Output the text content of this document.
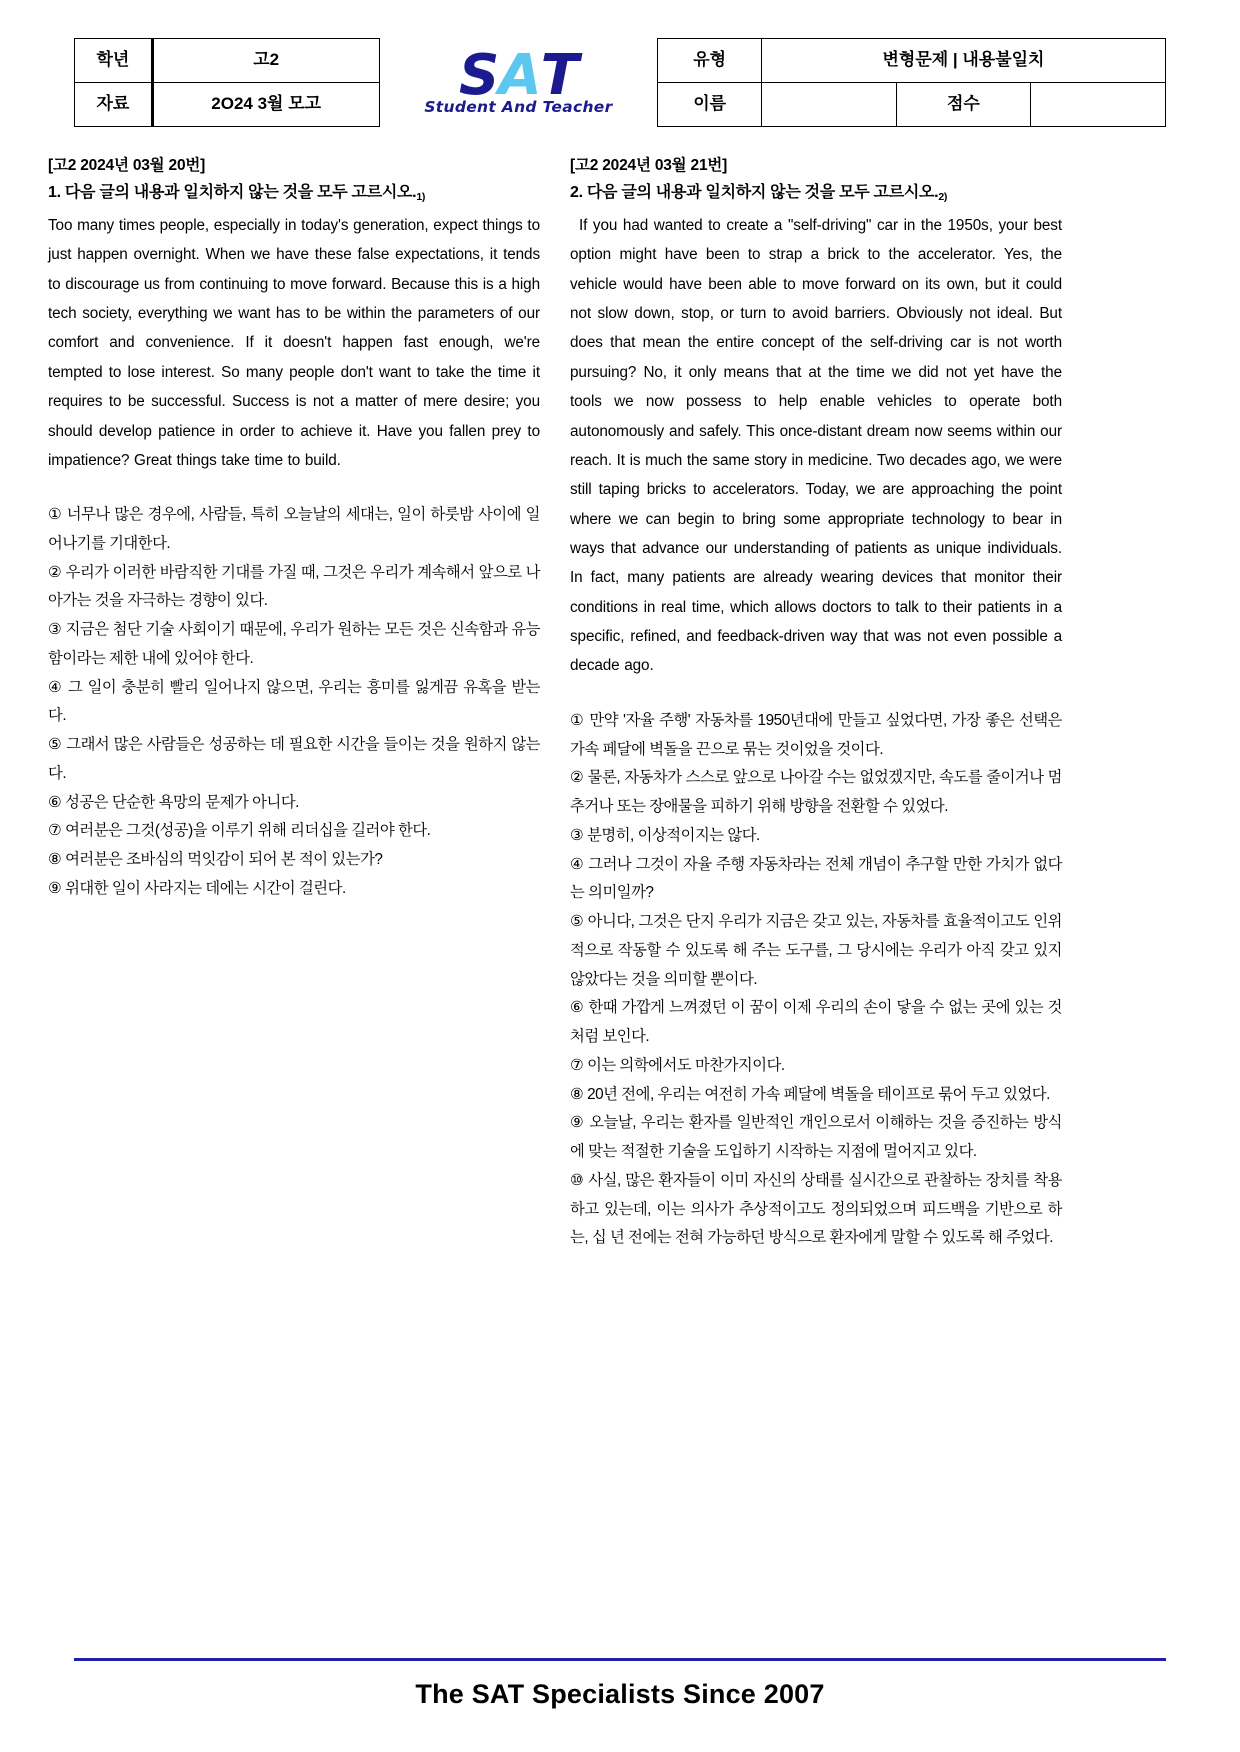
학년	고2	S A T
Student And Teacher	유형	변형문제 | 내용불일치		
자료	2O24 3월 모고		이름		점수	
[고2 2024년 03월 20번]
1. 다음 글의 내용과 일치하지 않는 것을 모두 고르시오.$^{1)}$

Too many times people, especially in today's generation, expect things to just happen overnight. When we have these false expectations, it tends to discourage us from continuing to move forward. Because this is a high tech society, everything we want has to be within the parameters of our comfort and convenience. If it doesn't happen fast enough, we're tempted to lose interest. So many people don't want to take the time it requires to be successful. Success is not a matter of mere desire; you should develop patience in order to achieve it. Have you fallen prey to impatience? Great things take time to build.

① 너무나 많은 경우에, 사람들, 특히 오늘날의 세대는, 일이 하룻밤 사이에 일어나기를 기대한다.

② 우리가 이러한 바람직한 기대를 가질 때, 그것은 우리가 계속해서 앞으로 나아가는 것을 자극하는 경향이 있다.

③ 지금은 첨단 기술 사회이기 때문에, 우리가 원하는 모든 것은 신속함과 유능함이라는 제한 내에 있어야 한다.

④ 그 일이 충분히 빨리 일어나지 않으면, 우리는 흥미를 잃게끔 유혹을 받는다.

⑤ 그래서 많은 사람들은 성공하는 데 필요한 시간을 들이는 것을 원하지 않는다.

⑥ 성공은 단순한 욕망의 문제가 아니다.

⑦ 여러분은 그것(성공)을 이루기 위해 리더십을 길러야 한다.

⑧ 여러분은 조바심의 먹잇감이 되어 본 적이 있는가?

⑨ 위대한 일이 사라지는 데에는 시간이 걸린다.

[고2 2024년 03월 21번]
2. 다음 글의 내용과 일치하지 않는 것을 모두 고르시오.$^{2)}$

If you had wanted to create a "self-driving" car in the 1950s, your best option might have been to strap a brick to the accelerator. Yes, the vehicle would have been able to move forward on its own, but it could not slow down, stop, or turn to avoid barriers. Obviously not ideal. But does that mean the entire concept of the self-driving car is not worth pursuing? No, it only means that at the time we did not yet have the tools we now possess to help enable vehicles to operate both autonomously and safely. This once-distant dream now seems within our reach. It is much the same story in medicine. Two decades ago, we were still taping bricks to accelerators. Today, we are approaching the point where we can begin to bring some appropriate technology to bear in ways that advance our understanding of patients as unique individuals. In fact, many patients are already wearing devices that monitor their conditions in real time, which allows doctors to talk to their patients in a specific, refined, and feedback-driven way that was not even possible a decade ago.

① 만약 '자율 주행' 자동차를 1950년대에 만들고 싶었다면, 가장 좋은 선택은 가속 페달에 벽돌을 끈으로 묶는 것이었을 것이다.

② 물론, 자동차가 스스로 앞으로 나아갈 수는 없었겠지만, 속도를 줄이거나 멈추거나 또는 장애물을 피하기 위해 방향을 전환할 수 있었다.

③ 분명히, 이상적이지는 않다.

④ 그러나 그것이 자율 주행 자동차라는 전체 개념이 추구할 만한 가치가 없다는 의미일까?

⑤ 아니다, 그것은 단지 우리가 지금은 갖고 있는, 자동차를 효율적이고도 인위적으로 작동할 수 있도록 해 주는 도구를, 그 당시에는 우리가 아직 갖고 있지 않았다는 것을 의미할 뿐이다.

⑥ 한때 가깝게 느껴졌던 이 꿈이 이제 우리의 손이 닿을 수 없는 곳에 있는 것처럼 보인다.

⑦ 이는 의학에서도 마찬가지이다.

⑧ 20년 전에, 우리는 여전히 가속 페달에 벽돌을 테이프로 묶어 두고 있었다.

⑨ 오늘날, 우리는 환자를 일반적인 개인으로서 이해하는 것을 증진하는 방식에 맞는 적절한 기술을 도입하기 시작하는 지점에 멀어지고 있다.

⑩ 사실, 많은 환자들이 이미 자신의 상태를 실시간으로 관찰하는 장치를 착용하고 있는데, 이는 의사가 추상적이고도 정의되었으며 피드백을 기반으로 하는, 십 년 전에는 전혀 가능하던 방식으로 환자에게 말할 수 있도록 해 주었다.

The SAT Specialists Since 2007
